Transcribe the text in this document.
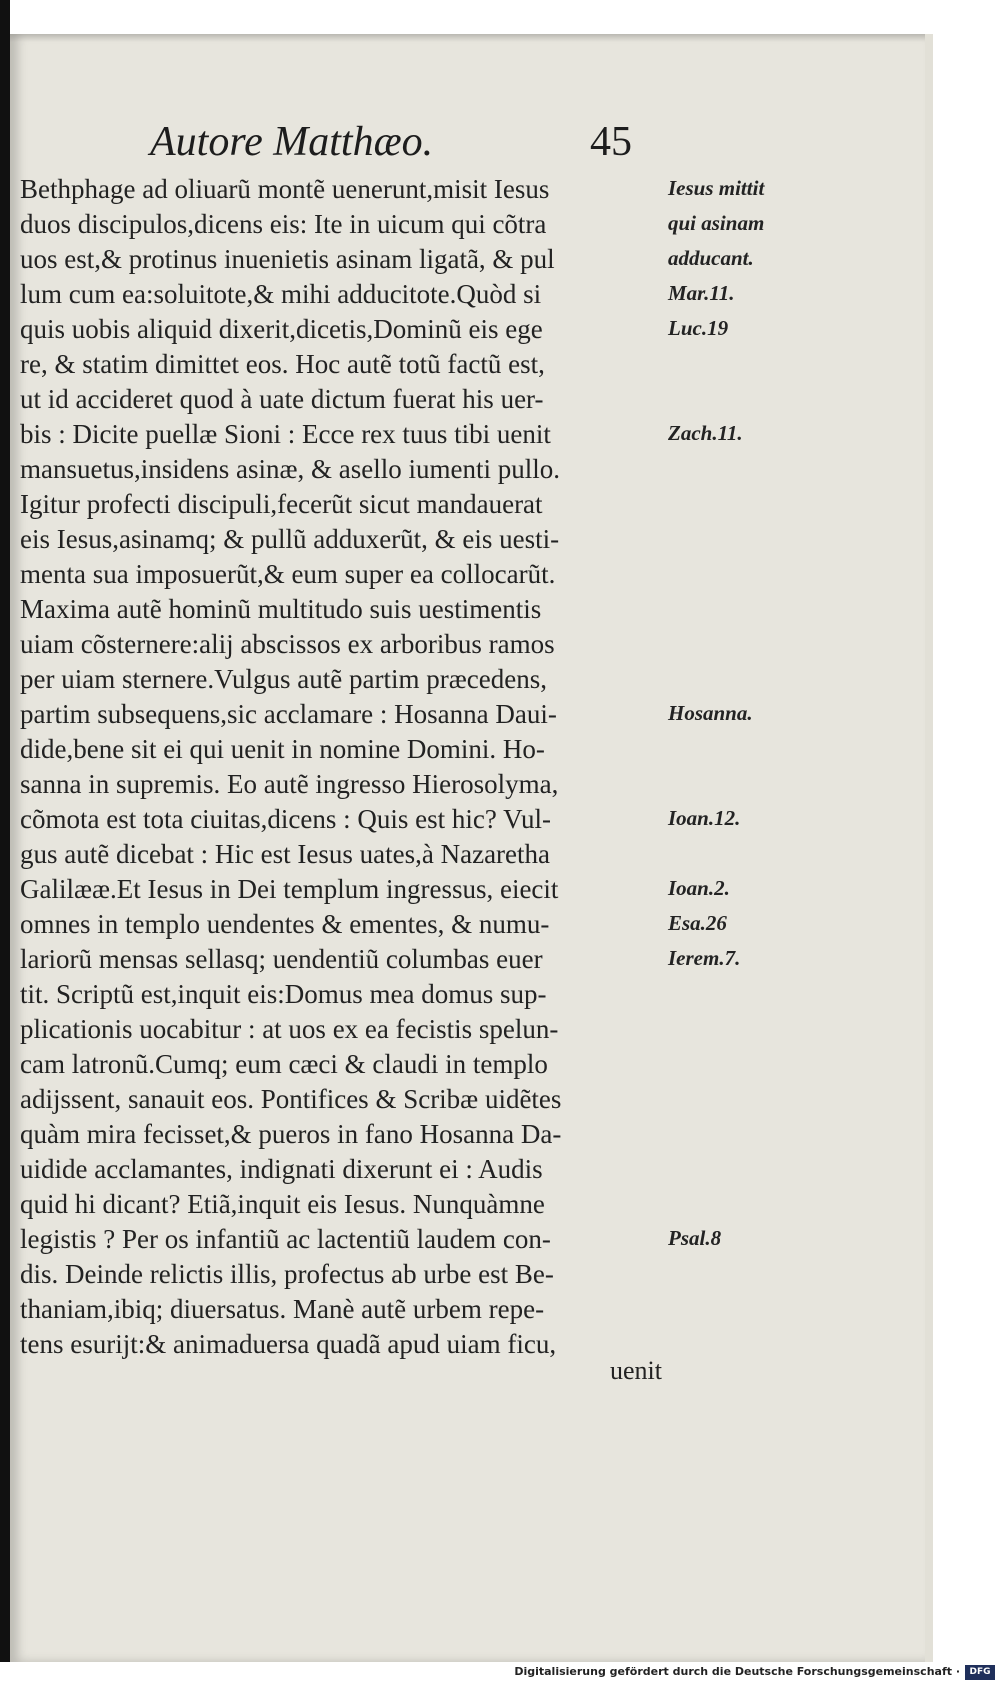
Autore Matthæo.	45
Bethphage ad oliuarũ montẽ uenerunt,misit Iesus
duos discipulos,dicens eis: Ite in uicum qui cõtra
uos est,& protinus inuenietis asinam ligatã, & pul
lum cum ea:soluitote,& mihi adducitote.Quòd si
quis uobis aliquid dixerit,dicetis,Dominũ eis ege
re, & statim dimittet eos. Hoc autẽ totũ factũ est,
ut id accideret quod à uate dictum fuerat his uer-
bis : Dicite puellæ Sioni : Ecce rex tuus tibi uenit
mansuetus,insidens asinæ, & asello iumenti pullo.
Igitur profecti discipuli,fecerũt sicut mandauerat
eis Iesus,asinamq; & pullũ adduxerũt, & eis uesti-
menta sua imposuerũt,& eum super ea collocarũt.
Maxima autẽ hominũ multitudo suis uestimentis
uiam cõsternere:alij abscissos ex arboribus ramos
per uiam sternere.Vulgus autẽ partim præcedens,
partim subsequens,sic acclamare : Hosanna Daui-
dide,bene sit ei qui uenit in nomine Domini. Ho-
sanna in supremis. Eo autẽ ingresso Hierosolyma,
cõmota est tota ciuitas,dicens : Quis est hic? Vul-
gus autẽ dicebat : Hic est Iesus uates,à Nazaretha
Galilææ.Et Iesus in Dei templum ingressus, eiecit
omnes in templo uendentes & ementes, & numu-
lariorũ mensas sellasq; uendentiũ columbas euer
tit. Scriptũ est,inquit eis:Domus mea domus sup-
plicationis uocabitur : at uos ex ea fecistis spelun-
cam latronũ.Cumq; eum cæci & claudi in templo
adijssent, sanauit eos. Pontifices & Scribæ uidẽtes
quàm mira fecisset,& pueros in fano Hosanna Da-
uidide acclamantes, indignati dixerunt ei : Audis
quid hi dicant? Etiã,inquit eis Iesus. Nunquàmne
legistis ? Per os infantiũ ac lactentiũ laudem con-
dis. Deinde relictis illis, profectus ab urbe est Be-
thaniam,ibiq; diuersatus. Manè autẽ urbem repe-
tens esurijt:& animaduersa quadã apud uiam ficu,
Iesus mittit
qui asinam
adducant.
Mar.11.
Luc.19
Zach.11.
Hosanna.
Ioan.12.
Ioan.2.
Esa.26
Ierem.7.
Psal.8
uenit
Digitalisierung gefördert durch die Deutsche Forschungsgemeinschaft ·	DFG
